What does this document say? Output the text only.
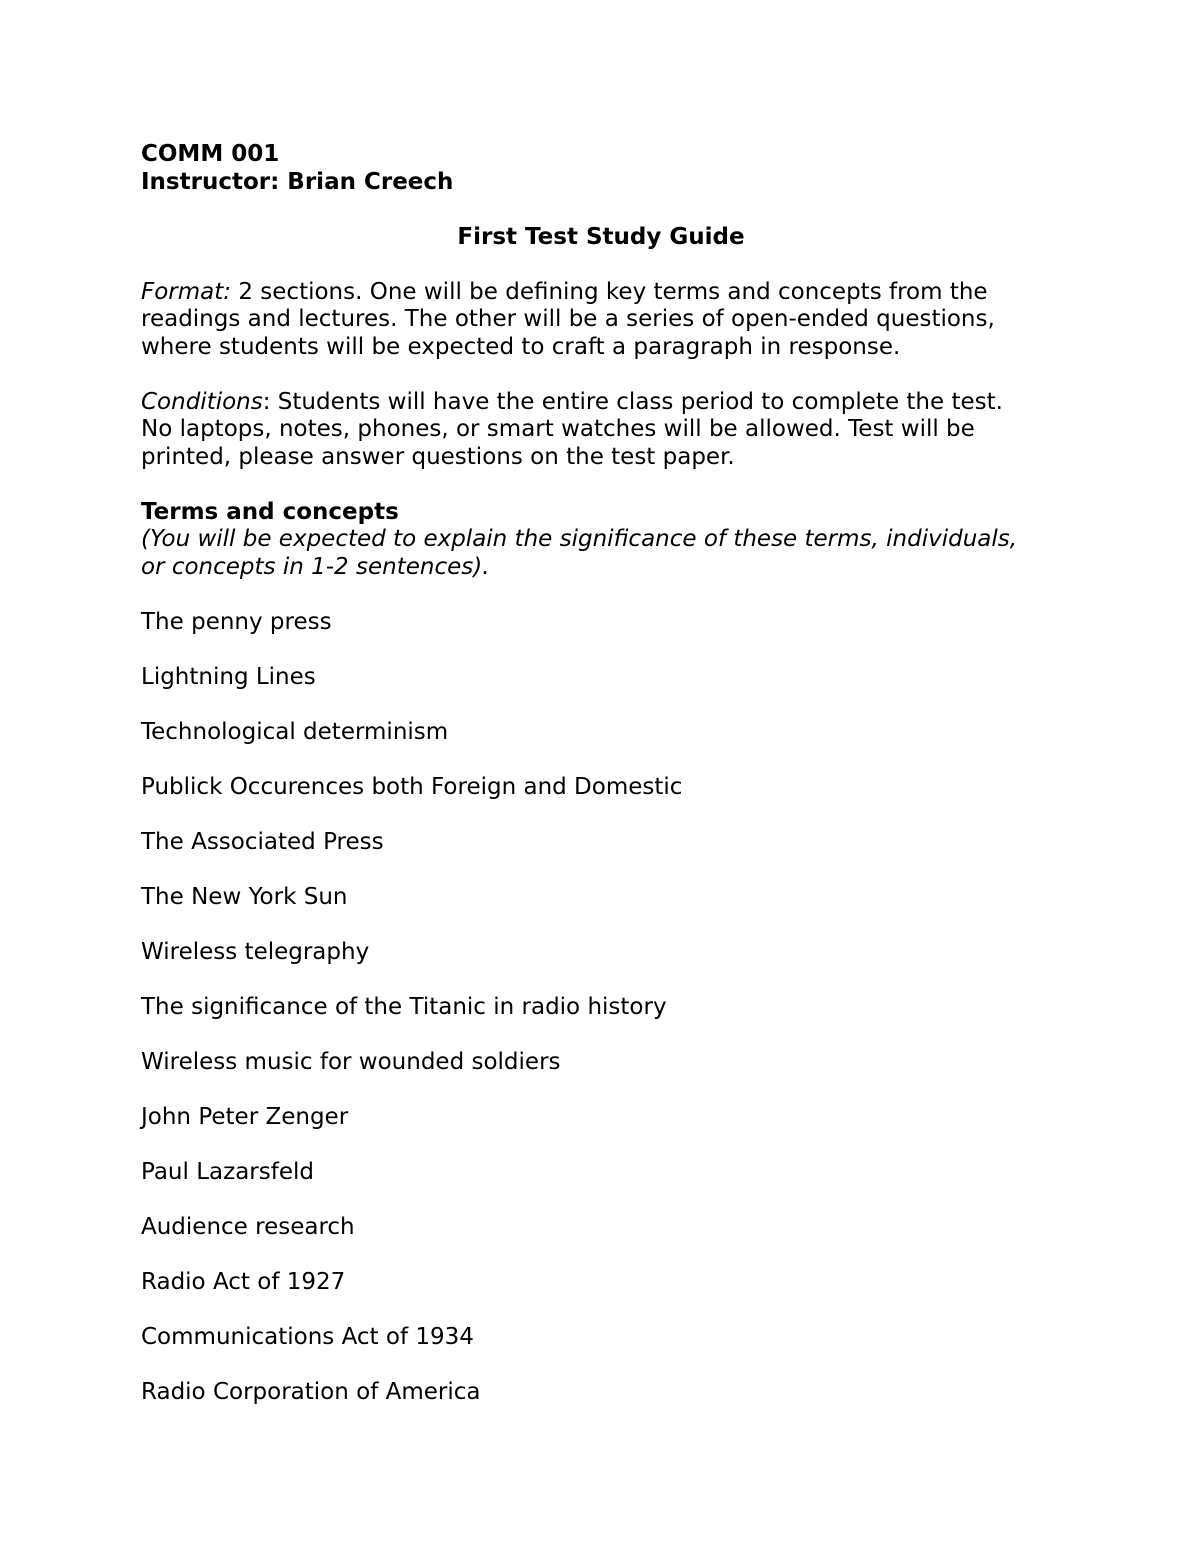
COMM 001
Instructor: Brian Creech
First Test Study Guide
Format: 2 sections. One will be defining key terms and concepts from the
readings and lectures. The other will be a series of open-ended questions,
where students will be expected to craft a paragraph in response.
Conditions: Students will have the entire class period to complete the test.
No laptops, notes, phones, or smart watches will be allowed. Test will be
printed, please answer questions on the test paper.
Terms and concepts
(You will be expected to explain the significance of these terms, individuals,
or concepts in 1-2 sentences).
The penny press
Lightning Lines
Technological determinism
Publick Occurences both Foreign and Domestic
The Associated Press
The New York Sun
Wireless telegraphy
The significance of the Titanic in radio history
Wireless music for wounded soldiers
John Peter Zenger
Paul Lazarsfeld
Audience research
Radio Act of 1927
Communications Act of 1934
Radio Corporation of America
